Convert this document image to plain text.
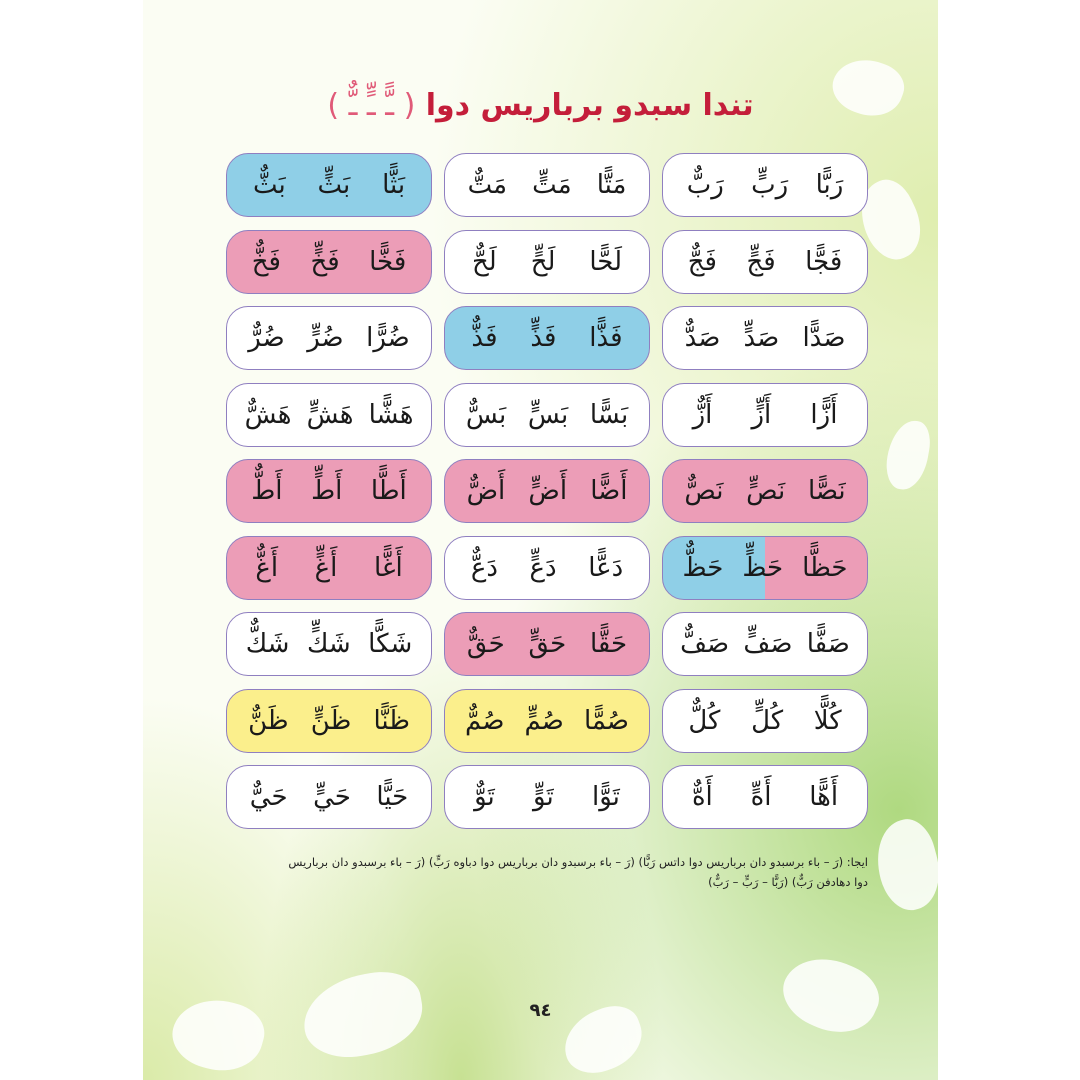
تندا سبدو برباريس دوا ( ـًّ ـٍّ ـٌّ )
رَبًّا
رَبٍّ
رَبٌّ
مَتًّا
مَتٍّ
مَتٌّ
بَثًّا
بَثٍّ
بَثٌّ
فَجًّا
فَجٍّ
فَجٌّ
لَحًّا
لَحٍّ
لَحٌّ
فَخًّا
فَخٍّ
فَخٌّ
صَدًّا
صَدٍّ
صَدٌّ
فَذًّا
فَذٍّ
فَذٌّ
ضُرًّا
ضُرٍّ
ضُرٌّ
أَزًّا
أَزٍّ
أَزٌّ
بَسًّا
بَسٍّ
بَسٌّ
هَشًّا
هَشٍّ
هَشٌّ
نَصًّا
نَصٍّ
نَصٌّ
أَضًّا
أَضٍّ
أَضٌّ
أَطًّا
أَطٍّ
أَطٌّ
حَظًّا
حَظٍّ
حَظٌّ
دَعًّا
دَعٍّ
دَعٌّ
أَغًّا
أَغٍّ
أَغٌّ
صَفًّا
صَفٍّ
صَفٌّ
حَقًّا
حَقٍّ
حَقٌّ
شَكًّا
شَكٍّ
شَكٌّ
كُلًّا
كُلٍّ
كُلٌّ
صُمًّا
صُمٍّ
صُمٌّ
ظَنًّا
ظَنٍّ
ظَنٌّ
أَهًّا
أَهٍّ
أَهٌّ
تَوًّا
تَوٍّ
تَوٌّ
حَيًّا
حَيٍّ
حَيٌّ
ايجا: (رَ – باء برسبدو دان برباريس دوا داتس رَبًّا) (رَ – باء برسبدو دان برباريس دوا دباوه رَبٍّ) (رَ – باء برسبدو دان برباريس
دوا دهادفن رَبٌّ) (رَبًّا – رَبٍّ – رَبٌّ)
٩٤
